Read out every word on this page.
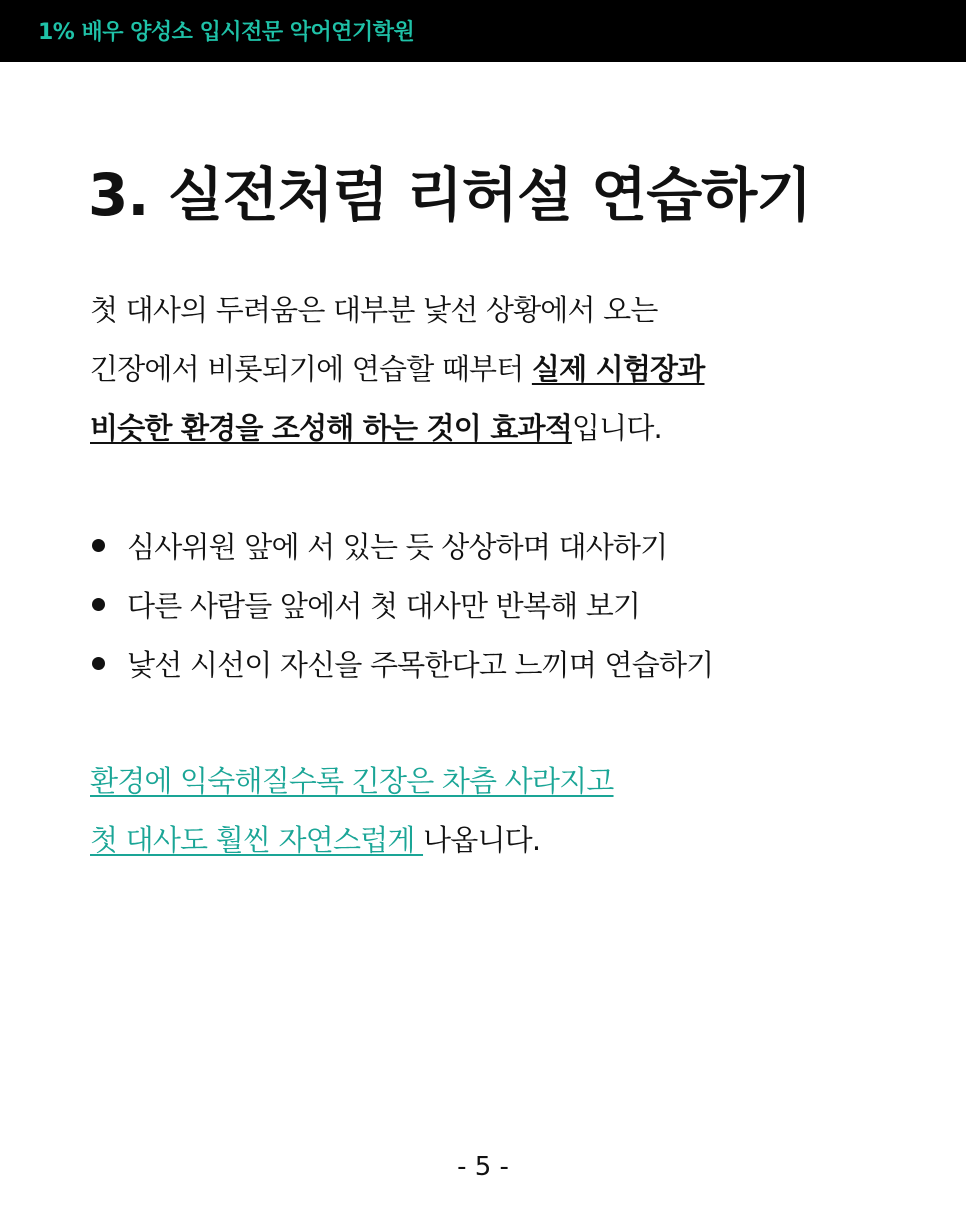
1% 배우 양성소 입시전문 악어연기학원
3. 실전처럼 리허설 연습하기
첫 대사의 두려움은 대부분 낯선 상황에서 오는
긴장에서 비롯되기에 연습할 때부터 실제 시험장과
비슷한 환경을 조성해 하는 것이 효과적입니다.
심사위원 앞에 서 있는 듯 상상하며 대사하기
다른 사람들 앞에서 첫 대사만 반복해 보기
낯선 시선이 자신을 주목한다고 느끼며 연습하기
환경에 익숙해질수록 긴장은 차츰 사라지고
첫 대사도 훨씬 자연스럽게 나옵니다.
- 5 -
